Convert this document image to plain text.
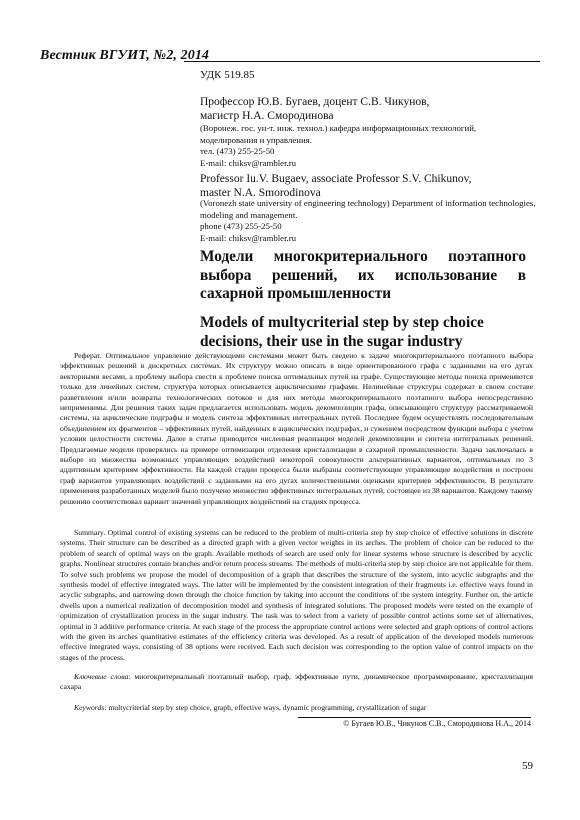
Вестник ВГУИТ, №2, 2014
УДК 519.85
Профессор Ю.В. Бугаев, доцент С.В. Чикунов,
магистр Н.А. Смородинова
(Воронеж. гос. ун-т. инж. технол.) кафедра информационных технологий,
моделирования и управления.
тел. (473) 255-25-50
E-mail: chiksv@rambler.ru
Professor Iu.V. Bugaev, associate Professor S.V. Chikunov,
master N.A. Smorodinova
(Voronezh state university of engineering technology) Department of information technologies,
modeling and management.
phone (473) 255-25-50
E-mail: chiksv@rambler.ru
Модели многокритериального поэтапного выбора решений, их использование в сахарной промышленности
Models of multycriterial step by step choice decisions, their use in the sugar industry

Реферат. Оптимальное управление действующими системами может быть сведено к задаче многокритериального поэтапного выбора эффективных решений в дискретных системах. Их структуру можно описать в виде ориентированного графа с заданными на его дугах векторными весами, а проблему выбора свести к проблеме поиска оптимальных путей на графе. Существующие методы поиска применяются только для линейных систем, структура которых описывается ациклическими графами. Нелинейные структуры содержат в своем составе разветвления и/или возвраты технологических потоков и для них методы многокритериального поэтапного выбора непосредственно неприменимы. Для решения таких задач предлагается использовать модель декомпозиции графа, описывающего структуру рассматриваемой системы, на ациклические подграфы и модель синтеза эффективных интегральных путей. Последнее будем осуществлять последовательным объединением их фрагментов – эффективных путей, найденных в ациклических подграфах, и сужением посредством функции выбора с учетом условия целостности системы. Далее в статье приводится численная реализация моделей декомпозиции и синтеза интегральных решений. Предлагаемые модели проверялись на примере оптимизации отделения кристаллизации в сахарной промышленности. Задача заключалась в выборе из множества возможных управляющих воздействий некоторой совокупности альтернативных вариантов, оптимальных по 3 аддитивным критериям эффективности. На каждой стадии процесса были выбраны соответствующие управляющие воздействия и построен граф вариантов управляющих воздействий с заданными на его дугах количественными оценками критериев эффективности. В результате применения разработанных моделей было получено множество эффективных интегральных путей, состоящее из 38 вариантов. Каждому такому решению соответствовал вариант значений управляющих воздействий на стадиях процесса.

Summary. Optimal control of existing systems can be reduced to the problem of multi-criteria step by step choice of effective solutions in discrete systems. Their structure can be described as a directed graph with a given vector weights in its arches. The problem of choice can be reduced to the problem of search of optimal ways on the graph. Available methods of search are used only for linear systems whose structure is described by acyclic graphs. Nonlinear structures contain branches and/or return process streams. The methods of multi-criteria step by step choice are not applicable for them. To solve such problems we propose the model of decomposition of a graph that describes the structure of the system, into acyclic subgraphs and the synthesis model of effective integrated ways. The latter will be implemented by the consistent integration of their fragments i.e. effective ways found in acyclic subgraphs, and narrowing down through the choice function by taking into account the conditions of the system integrity. Further on, the article dwells upon a numerical realization of decomposition model and synthesis of integrated solutions. The proposed models were tested on the example of optimization of crystallization process in the sugar industry. The task was to select from a variety of possible control actions some set of alternatives, optimal in 3 additive performance criteria. At each stage of the process the appropriate control actions were selected and graph options of control actions with the given its arches quantitative estimates of the efficiency criteria was developed. As a result of application of the developed models numerous effective integrated ways, consisting of 38 options were received. Each such decision was corresponding to the option value of control impacts on the stages of the process.

Ключевые слова: многокритериальный поэтапный выбор, граф, эффективные пути, динамическое программирование, кристаллизация сахара

Keywords: multycriterial step by step choice, graph, effective ways, dynamic programming, crystallization of sugar

© Бугаев Ю.В., Чикунов С.В., Смородинова Н.А., 2014
59
